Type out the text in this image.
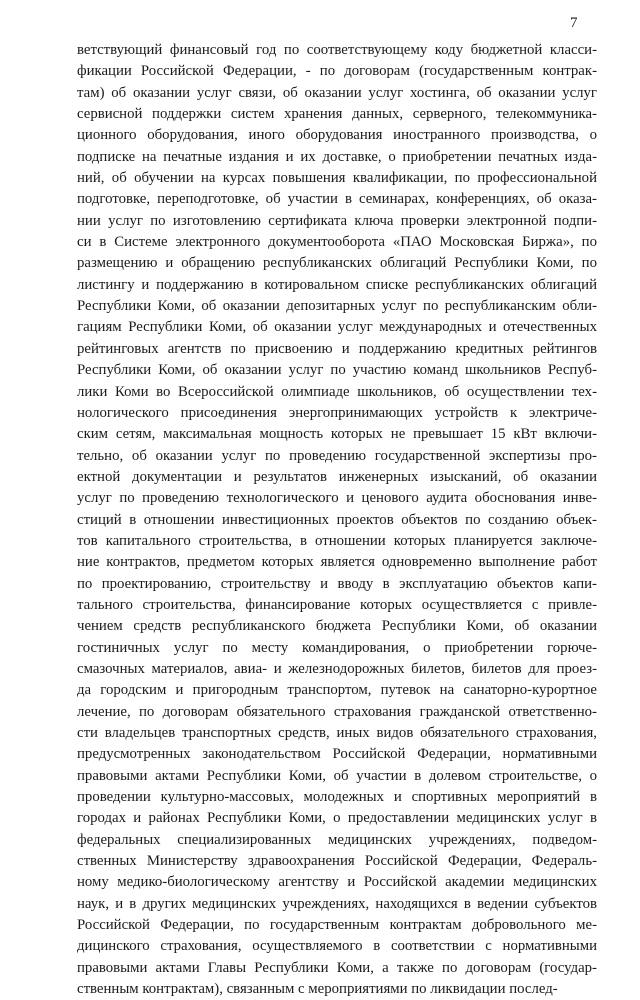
7
ветствующий финансовый год по соответствующему коду бюджетной класси-
фикации Российской Федерации, - по договорам (государственным контрак-
там) об оказании услуг связи, об оказании услуг хостинга, об оказании услуг
сервисной поддержки систем хранения данных, серверного, телекоммуника-
ционного оборудования, иного оборудования иностранного производства, о
подписке на печатные издания и их доставке, о приобретении печатных изда-
ний, об обучении на курсах повышения квалификации, по профессиональной
подготовке, переподготовке, об участии в семинарах, конференциях, об оказа-
нии услуг по изготовлению сертификата ключа проверки электронной подпи-
си в Системе электронного документооборота «ПАО Московская Биржа», по
размещению и обращению республиканских облигаций Республики Коми, по
листингу и поддержанию в котировальном списке республиканских облигаций
Республики Коми, об оказании депозитарных услуг по республиканским обли-
гациям Республики Коми, об оказании услуг международных и отечественных
рейтинговых агентств по присвоению и поддержанию кредитных рейтингов
Республики Коми, об оказании услуг по участию команд школьников Респуб-
лики Коми во Всероссийской олимпиаде школьников, об осуществлении тех-
нологического присоединения энергопринимающих устройств к электриче-
ским сетям, максимальная мощность которых не превышает 15 кВт включи-
тельно, об оказании услуг по проведению государственной экспертизы про-
ектной документации и результатов инженерных изысканий, об оказании
услуг по проведению технологического и ценового аудита обоснования инве-
стиций в отношении инвестиционных проектов объектов по созданию объек-
тов капитального строительства, в отношении которых планируется заключе-
ние контрактов, предметом которых является одновременно выполнение работ
по проектированию, строительству и вводу в эксплуатацию объектов капи-
тального строительства, финансирование которых осуществляется с привле-
чением средств республиканского бюджета Республики Коми, об оказании
гостиничных услуг по месту командирования, о приобретении горюче-
смазочных материалов, авиа- и железнодорожных билетов, билетов для проез-
да городским и пригородным транспортом, путевок на санаторно-курортное
лечение, по договорам обязательного страхования гражданской ответственно-
сти владельцев транспортных средств, иных видов обязательного страхования,
предусмотренных законодательством Российской Федерации, нормативными
правовыми актами Республики Коми, об участии в долевом строительстве, о
проведении культурно-массовых, молодежных и спортивных мероприятий в
городах и районах Республики Коми, о предоставлении медицинских услуг в
федеральных специализированных медицинских учреждениях, подведом-
ственных Министерству здравоохранения Российской Федерации, Федераль-
ному медико-биологическому агентству и Российской академии медицинских
наук, и в других медицинских учреждениях, находящихся в ведении субъектов
Российской Федерации, по государственным контрактам добровольного ме-
дицинского страхования, осуществляемого в соответствии с нормативными
правовыми актами Главы Республики Коми, а также по договорам (государ-
ственным контрактам), связанным с мероприятиями по ликвидации послед-
